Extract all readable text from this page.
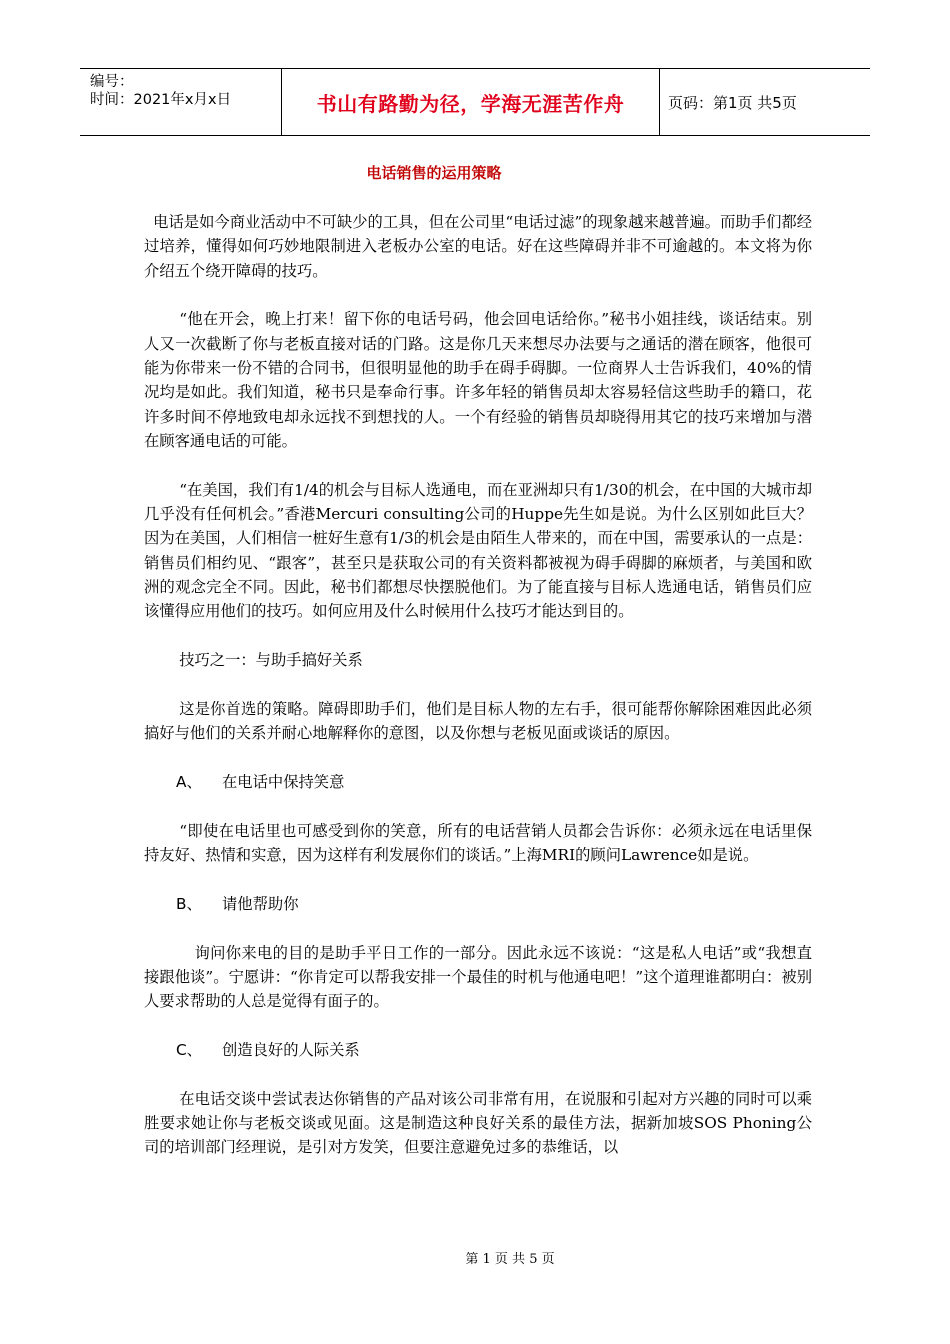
编号：
时间：2021年x月x日	书山有路勤为径，学海无涯苦作舟	页码：第1页 共5页
电话销售的运用策略

电话是如今商业活动中不可缺少的工具，但在公司里“电话过滤”的现象越来越普遍。而助手们都经过培养，懂得如何巧妙地限制进入老板办公室的电话。好在这些障碍并非不可逾越的。本文将为你介绍五个绕开障碍的技巧。

“他在开会，晚上打来！留下你的电话号码，他会回电话给你。”秘书小姐挂线，谈话结束。别人又一次截断了你与老板直接对话的门路。这是你几天来想尽办法要与之通话的潜在顾客，他很可能为你带来一份不错的合同书，但很明显他的助手在碍手碍脚。一位商界人士告诉我们，40%的情况均是如此。我们知道，秘书只是奉命行事。许多年轻的销售员却太容易轻信这些助手的籍口，花许多时间不停地致电却永远找不到想找的人。一个有经验的销售员却晓得用其它的技巧来增加与潜在顾客通电话的可能。

“在美国，我们有1/4的机会与目标人选通电，而在亚洲却只有1/30的机会，在中国的大城市却几乎没有任何机会。”香港Mercuri consulting公司的Huppe先生如是说。为什么区别如此巨大？因为在美国，人们相信一桩好生意有1/3的机会是由陌生人带来的，而在中国，需要承认的一点是：销售员们相约见、“跟客”，甚至只是获取公司的有关资料都被视为碍手碍脚的麻烦者，与美国和欧洲的观念完全不同。因此，秘书们都想尽快摆脱他们。为了能直接与目标人选通电话，销售员们应该懂得应用他们的技巧。如何应用及什么时候用什么技巧才能达到目的。

技巧之一：与助手搞好关系

这是你首选的策略。障碍即助手们，他们是目标人物的左右手，很可能帮你解除困难因此必须搞好与他们的关系并耐心地解释你的意图，以及你想与老板见面或谈话的原因。

A、 在电话中保持笑意

“即使在电话里也可感受到你的笑意，所有的电话营销人员都会告诉你：必须永远在电话里保持友好、热情和实意，因为这样有利发展你们的谈话。”上海MRI的顾问Lawrence如是说。

B、 请他帮助你

询问你来电的目的是助手平日工作的一部分。因此永远不该说：“这是私人电话”或“我想直接跟他谈”。宁愿讲：“你肯定可以帮我安排一个最佳的时机与他通电吧！”这个道理谁都明白：被别人要求帮助的人总是觉得有面子的。

C、 创造良好的人际关系

在电话交谈中尝试表达你销售的产品对该公司非常有用，在说服和引起对方兴趣的同时可以乘胜要求她让你与老板交谈或见面。这是制造这种良好关系的最佳方法，据新加坡SOS Phoning公司的培训部门经理说，是引对方发笑，但要注意避免过多的恭维话，以

第 1 页 共 5 页
